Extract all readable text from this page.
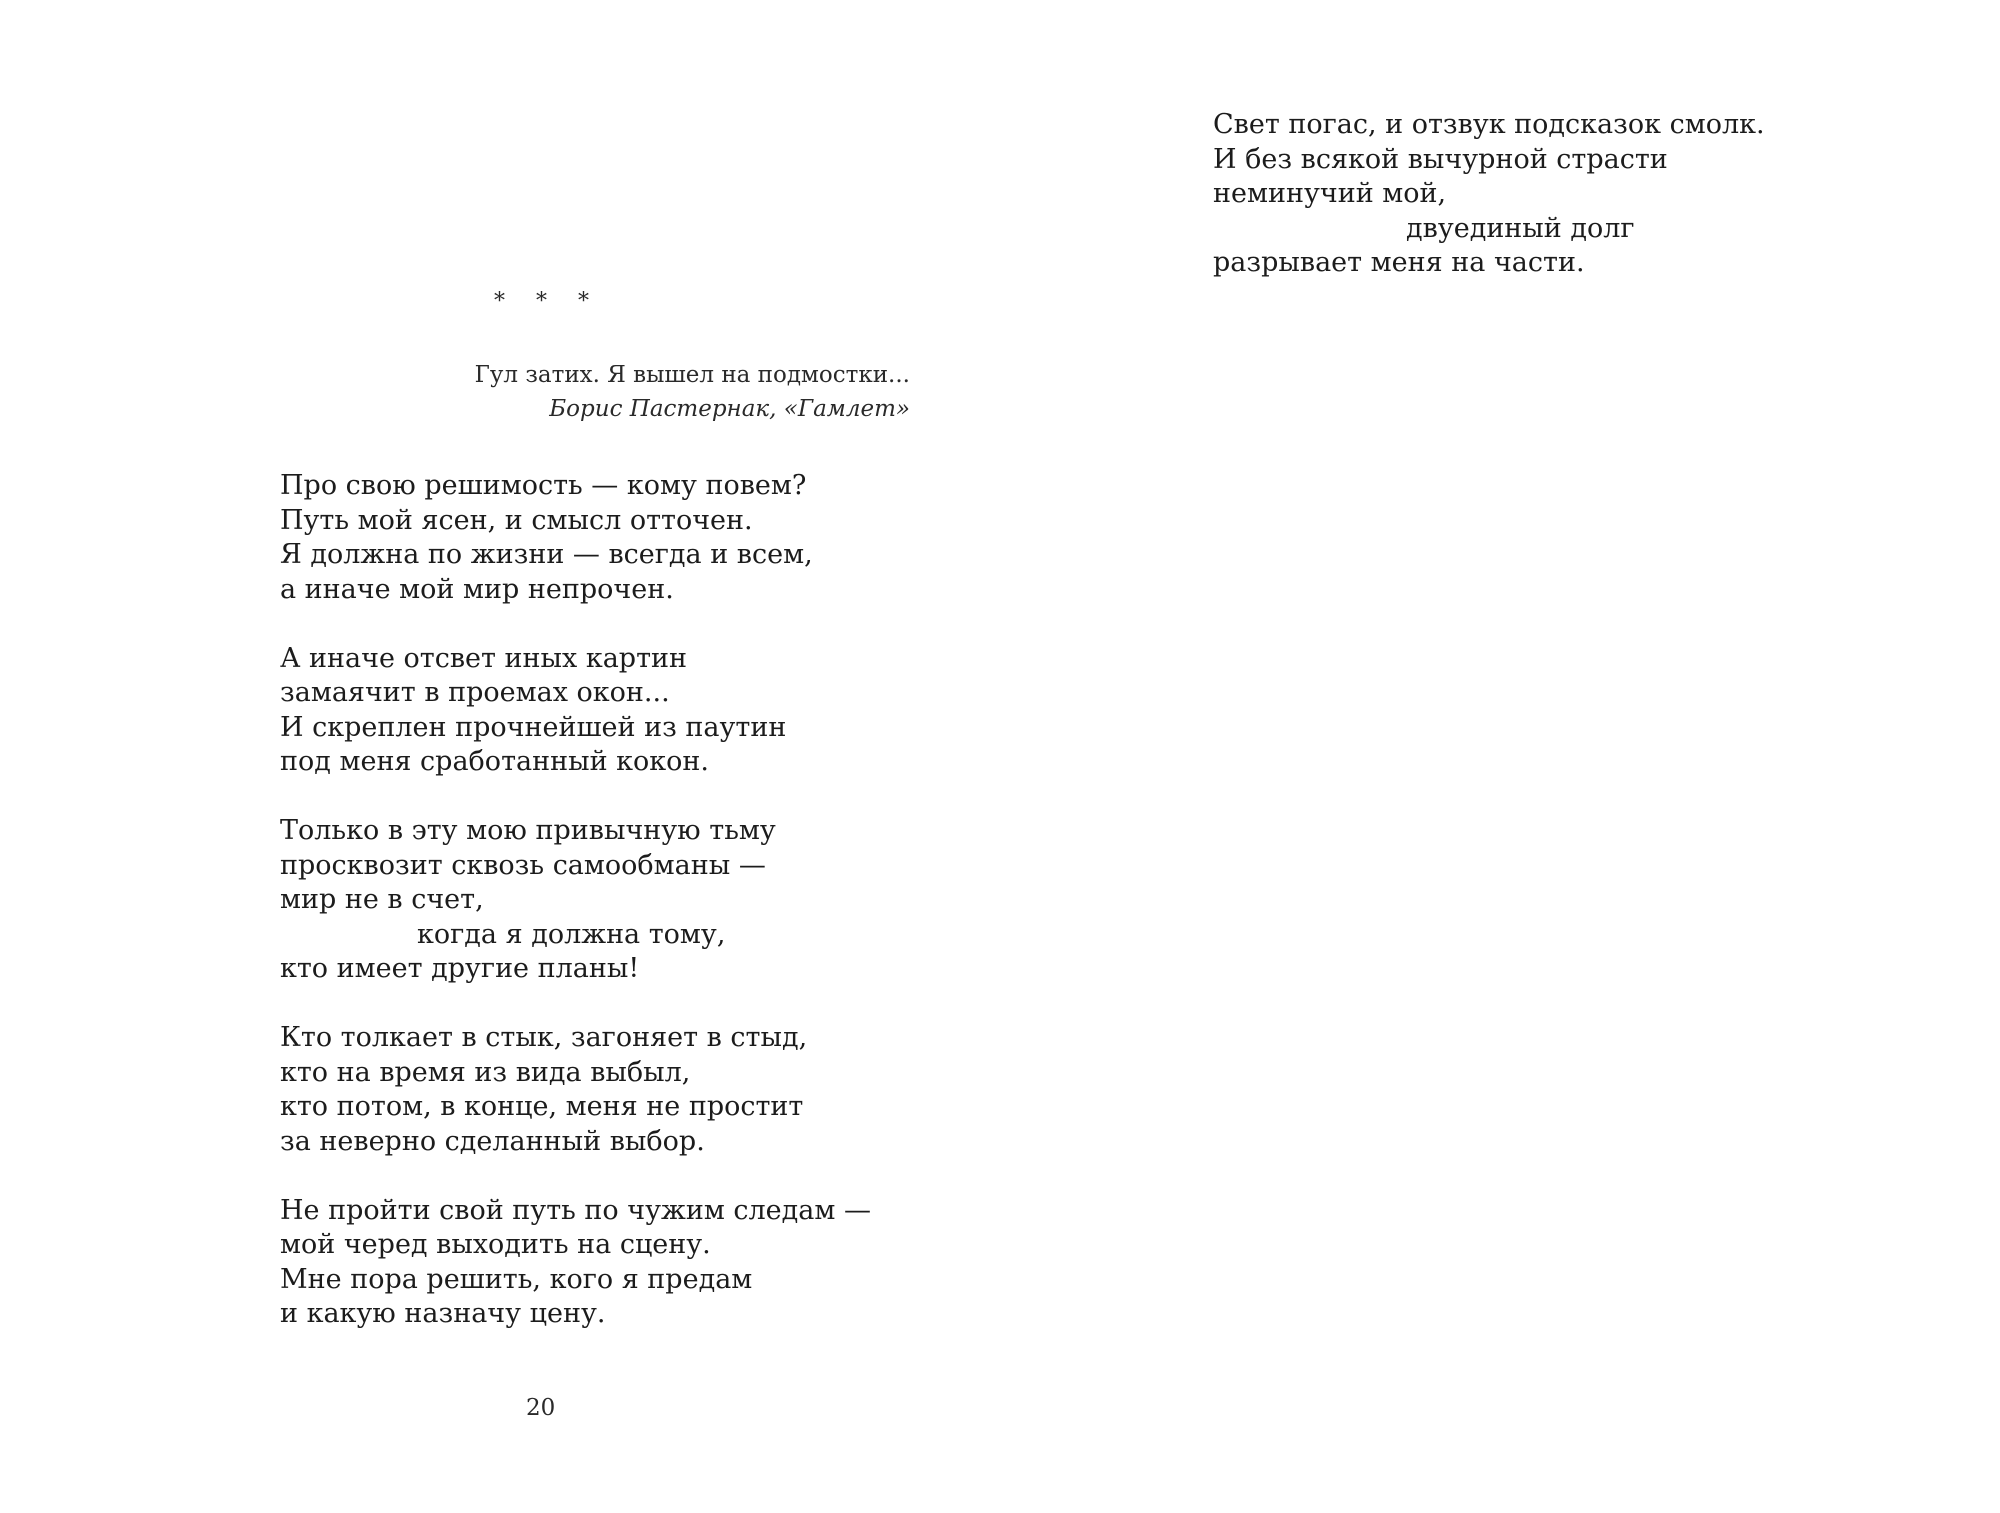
* * *
Гул затих. Я вышел на подмостки...
Борис Пастернак, «Гамлет»
Про свою решимость — кому повем?
Путь мой ясен, и смысл отточен.
Я должна по жизни — всегда и всем,
а иначе мой мир непрочен.
А иначе отсвет иных картин
замаячит в проемах окон...
И скреплен прочнейшей из паутин
под меня сработанный кокон.
Только в эту мою привычную тьму
просквозит сквозь самообманы —
мир не в счет,
когда я должна тому,
кто имеет другие планы!
Кто толкает в стык, загоняет в стыд,
кто на время из вида выбыл,
кто потом, в конце, меня не простит
за неверно сделанный выбор.
Не пройти свой путь по чужим следам —
мой черед выходить на сцену.
Мне пора решить, кого я предам
и какую назначу цену.
20
Свет погас, и отзвук подсказок смолк.
И без всякой вычурной страсти
неминучий мой,
двуединый долг
разрывает меня на части.
